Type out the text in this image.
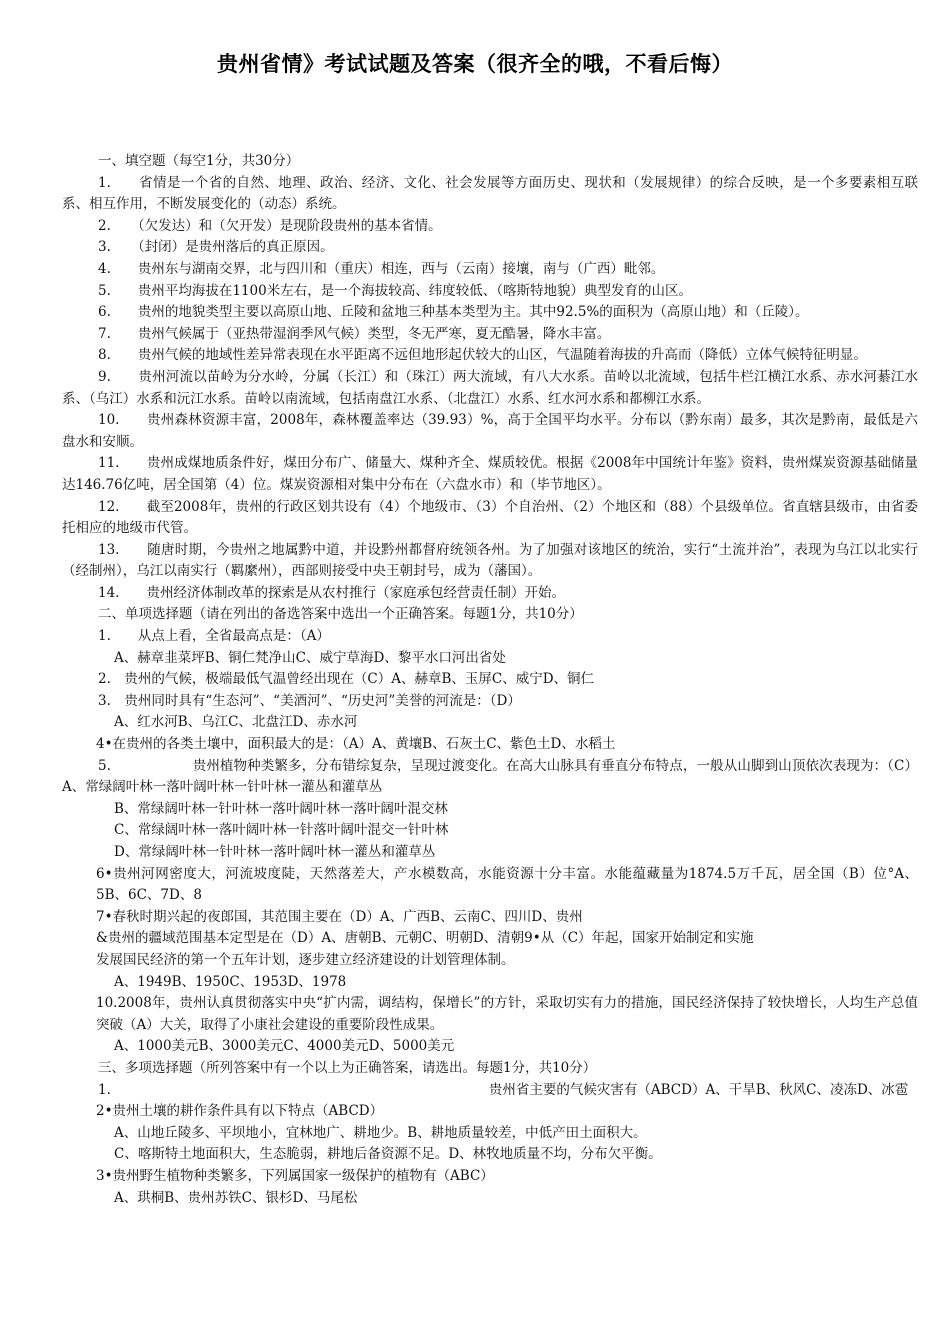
贵州省情》考试试题及答案（很齐全的哦，不看后悔）

一、填空题（每空1分，共30分）

1.　　省情是一个省的自然、地理、政治、经济、文化、社会发展等方面历史、现状和（发展规律）的综合反映，是一个多要素相互联系、相互作用，不断发展变化的（动态）系统。

2.　　（欠发达）和（欠开发）是现阶段贵州的基本省情。

3.　　（封闭）是贵州落后的真正原因。

4.　　贵州东与湖南交界，北与四川和（重庆）相连，西与（云南）接壤，南与（广西）毗邻。

5.　　贵州平均海拔在1100米左右，是一个海拔较高、纬度较低、（喀斯特地貌）典型发育的山区。

6.　　贵州的地貌类型主要以高原山地、丘陵和盆地三种基本类型为主。其中92.5%的面积为（高原山地）和（丘陵）。

7.　　贵州气候属于（亚热带湿润季风气候）类型，冬无严寒，夏无酷暑，降水丰富。

8.　　贵州气候的地域性差异常表现在水平距离不远但地形起伏较大的山区，气温随着海拔的升高而（降低）立体气候特征明显。

9.　　贵州河流以苗岭为分水岭，分属（长江）和（珠江）两大流域，有八大水系。苗岭以北流域，包括牛栏江横江水系、赤水河綦江水系、（乌江）水系和沅江水系。苗岭以南流域，包括南盘江水系、（北盘江）水系、红水河水系和都柳江水系。

10.　　贵州森林资源丰富，2008年，森林覆盖率达（39.93）%，高于全国平均水平。分布以（黔东南）最多，其次是黔南，最低是六盘水和安顺。

11.　　贵州成煤地质条件好，煤田分布广、储量大、煤种齐全、煤质较优。根据《2008年中国统计年鉴》资料，贵州煤炭资源基础储量达146.76亿吨，居全国第（4）位。煤炭资源相对集中分布在（六盘水市）和（毕节地区）。

12.　　截至2008年，贵州的行政区划共设有（4）个地级市、（3）个自治州、（2）个地区和（88）个县级单位。省直辖县级市，由省委托相应的地级市代管。

13.　　随唐时期，今贵州之地属黔中道，并设黔州都督府统领各州。为了加强对该地区的统治，实行“土流并治”，表现为乌江以北实行（经制州），乌江以南实行（羁縻州），西部则接受中央王朝封号，成为（藩国）。

14.　　贵州经济体制改革的探索是从农村推行（家庭承包经营责任制）开始。

二、单项选择题（请在列出的备选答案中选出一个正确答案。每题1分，共10分）

1.　　从点上看，全省最高点是：（A）

A、赫章韭菜坪B、铜仁梵净山C、威宁草海D、黎平水口河出省处

2.　贵州的气候，极端最低气温曾经出现在（C）A、赫章B、玉屏C、威宁D、铜仁

3.　贵州同时具有“生态河”、“美酒河”、“历史河”美誉的河流是：（D）

A、红水河B、乌江C、北盘江D、赤水河

4•在贵州的各类土壤中，面积最大的是：（A）A、黄壤B、石灰土C、紫色土D、水稻土

5.　　　　　　贵州植物种类繁多，分布错综复杂，呈现过渡变化。在高大山脉具有垂直分布特点，一般从山脚到山顶依次表现为：（C）A、常绿阔叶林一落叶阔叶林一针叶林一灌丛和灌草丛

B、常绿阔叶林一针叶林一落叶阔叶林一落叶阔叶混交林

C、常绿阔叶林一落叶阔叶林一针落叶阔叶混交一针叶林

D、常绿阔叶林一针叶林一落叶阔叶林一灌丛和灌草丛

6•贵州河网密度大，河流坡度陡，天然落差大，产水模数高，水能资源十分丰富。水能蕴藏量为1874.5万千瓦，居全国（B）位°A、5B、6C、7D、8

7•春秋时期兴起的夜郎国，其范围主要在（D）A、广西B、云南C、四川D、贵州

&贵州的疆域范围基本定型是在（D）A、唐朝B、元朝C、明朝D、清朝9•从（C）年起，国家开始制定和实施

发展国民经济的第一个五年计划，逐步建立经济建设的计划管理体制。

A、1949B、1950C、1953D、1978

10.2008年，贵州认真贯彻落实中央“扩内需，调结构，保增长”的方针，采取切实有力的措施，国民经济保持了较快增长，人均生产总值突破（A）大关，取得了小康社会建设的重要阶段性成果。

A、1000美元B、3000美元C、4000美元D、5000美元

三、多项选择题（所列答案中有一个以上为正确答案，请选出。每题1分，共10分）

1.　　　　　　　　　　　　　　　　　　　　　　　　　　　　贵州省主要的气候灾害有（ABCD）A、干旱B、秋风C、凌冻D、冰雹

2•贵州土壤的耕作条件具有以下特点（ABCD）

A、山地丘陵多、平坝地小，宜林地广、耕地少。B、耕地质量较差，中低产田土面积大。

C、喀斯特土地面积大，生态脆弱，耕地后备资源不足。D、林牧地质量不均，分布欠平衡。

3•贵州野生植物种类繁多，下列属国家一级保护的植物有（ABC）

A、珙桐B、贵州苏铁C、银杉D、马尾松
